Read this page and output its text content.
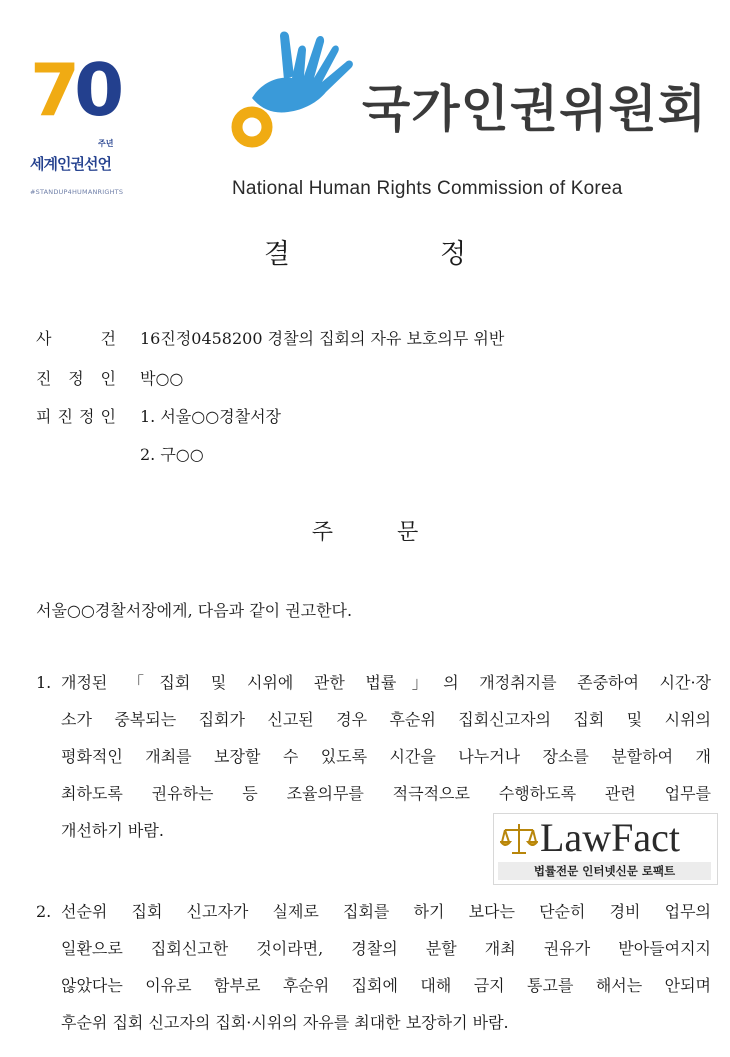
70
주년
세계인권선언
#STANDUP4HUMANRIGHTS
국가인권위원회
National Human Rights Commission of Korea
결정
사	건 16진정0458200 경찰의 집회의 자유 보호의무 위반
진 정 인 박○○
피 진 정 인 1. 서울○○경찰서장
2. 구○○
주문
서울○○경찰서장에게, 다음과 같이 권고한다.
1. 개정된 「집회 및 시위에 관한 법률」의 개정취지를 존중하여 시간·장
소가 중복되는 집회가 신고된 경우 후순위 집회신고자의 집회 및 시위의
평화적인 개최를 보장할 수 있도록 시간을 나누거나 장소를 분할하여 개
최하도록 권유하는 등 조율의무를 적극적으로 수행하도록 관련 업무를
개선하기 바람.
2. 선순위 집회 신고자가 실제로 집회를 하기 보다는 단순히 경비 업무의
일환으로 집회신고한 것이라면, 경찰의 분할 개최 권유가 받아들여지지
않았다는 이유로 함부로 후순위 집회에 대해 금지 통고를 해서는 안되며
후순위 집회 신고자의 집회·시위의 자유를 최대한 보장하기 바람.
LawFact
법률전문 인터넷신문 로팩트
